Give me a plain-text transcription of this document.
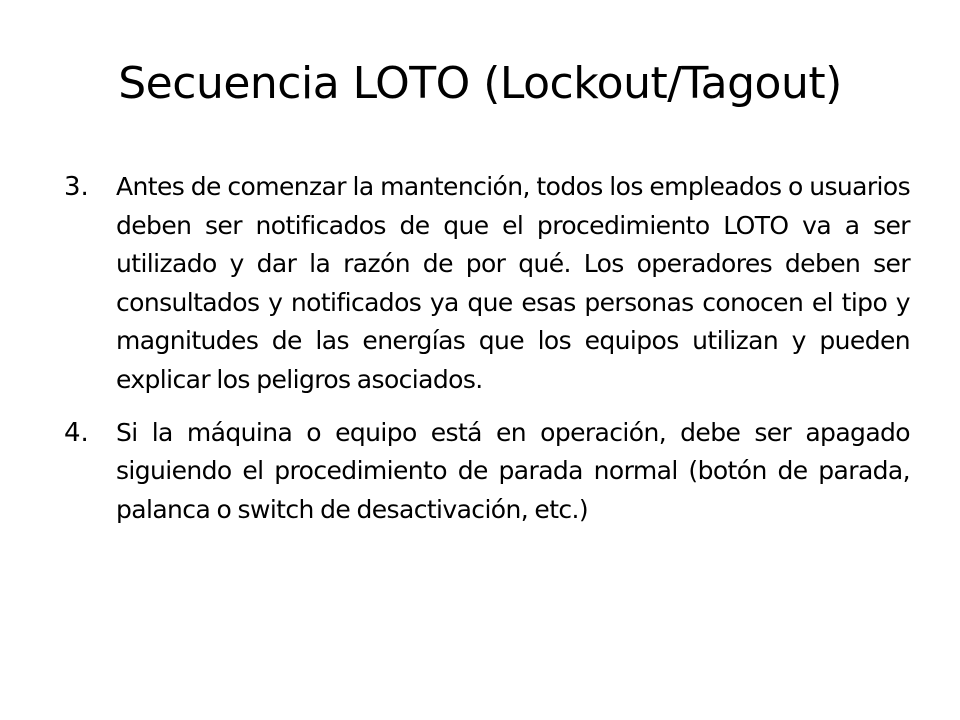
Secuencia LOTO (Lockout/Tagout)
3.	Antes de comenzar la mantención, todos los empleados o usuarios deben ser notificados de que el procedimiento LOTO va a ser utilizado y dar la razón de por qué. Los operadores deben ser consultados y notificados ya que esas personas conocen el tipo y magnitudes de las energías que los equipos utilizan y pueden explicar los peligros asociados.
4.	Si la máquina o equipo está en operación, debe ser apagado siguiendo el procedimiento de parada normal (botón de parada, palanca o switch de desactivación, etc.)
